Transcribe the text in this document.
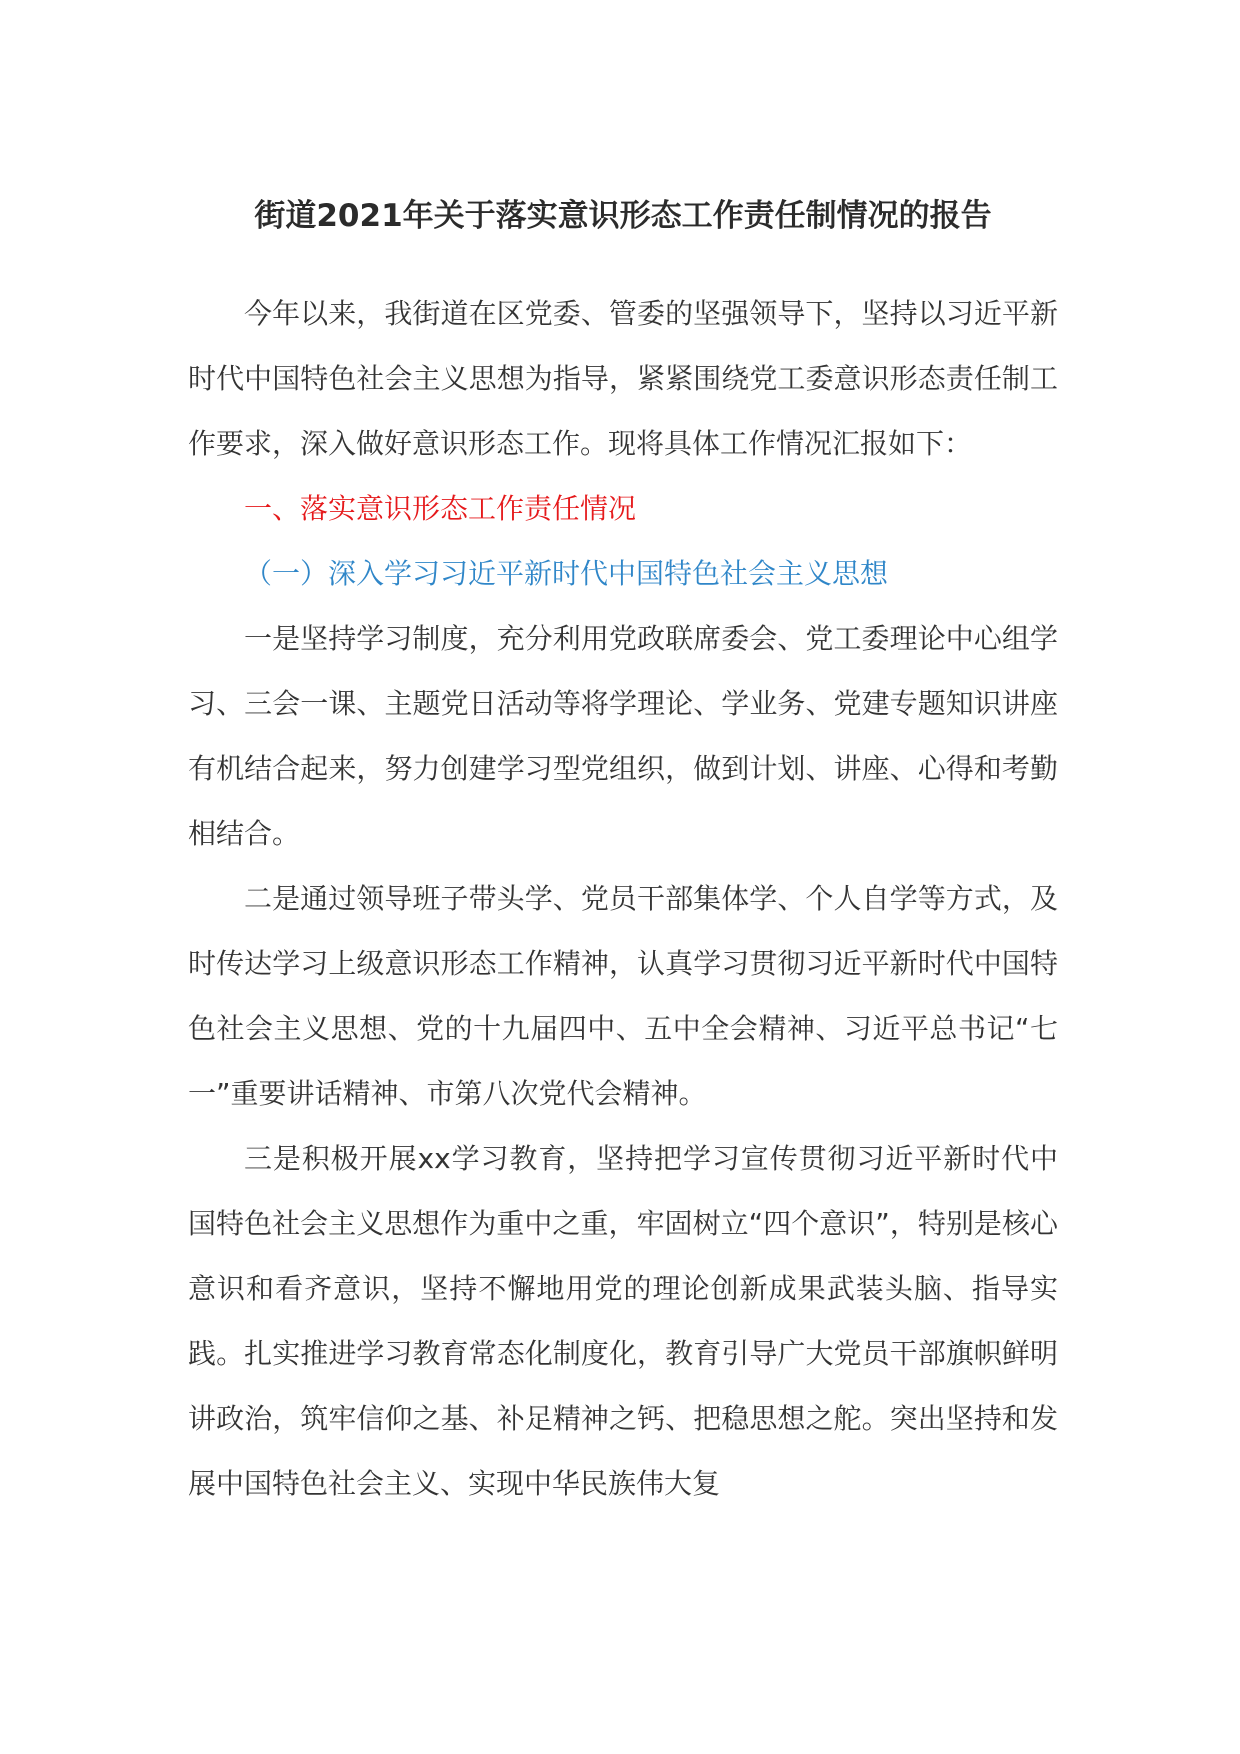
街道2021年关于落实意识形态工作责任制情况的报告

今年以来，我街道在区党委、管委的坚强领导下，坚持以习近平新时代中国特色社会主义思想为指导，紧紧围绕党工委意识形态责任制工作要求，深入做好意识形态工作。现将具体工作情况汇报如下：

一、落实意识形态工作责任情况

（一）深入学习习近平新时代中国特色社会主义思想

一是坚持学习制度，充分利用党政联席委会、党工委理论中心组学习、三会一课、主题党日活动等将学理论、学业务、党建专题知识讲座有机结合起来，努力创建学习型党组织，做到计划、讲座、心得和考勤相结合。

二是通过领导班子带头学、党员干部集体学、个人自学等方式，及时传达学习上级意识形态工作精神，认真学习贯彻习近平新时代中国特色社会主义思想、党的十九届四中、五中全会精神、习近平总书记“七一”重要讲话精神、市第八次党代会精神。

三是积极开展xx学习教育，坚持把学习宣传贯彻习近平新时代中国特色社会主义思想作为重中之重，牢固树立“四个意识”，特别是核心意识和看齐意识，坚持不懈地用党的理论创新成果武装头脑、指导实践。扎实推进学习教育常态化制度化，教育引导广大党员干部旗帜鲜明讲政治，筑牢信仰之基、补足精神之钙、把稳思想之舵。突出坚持和发展中国特色社会主义、实现中华民族伟大复
